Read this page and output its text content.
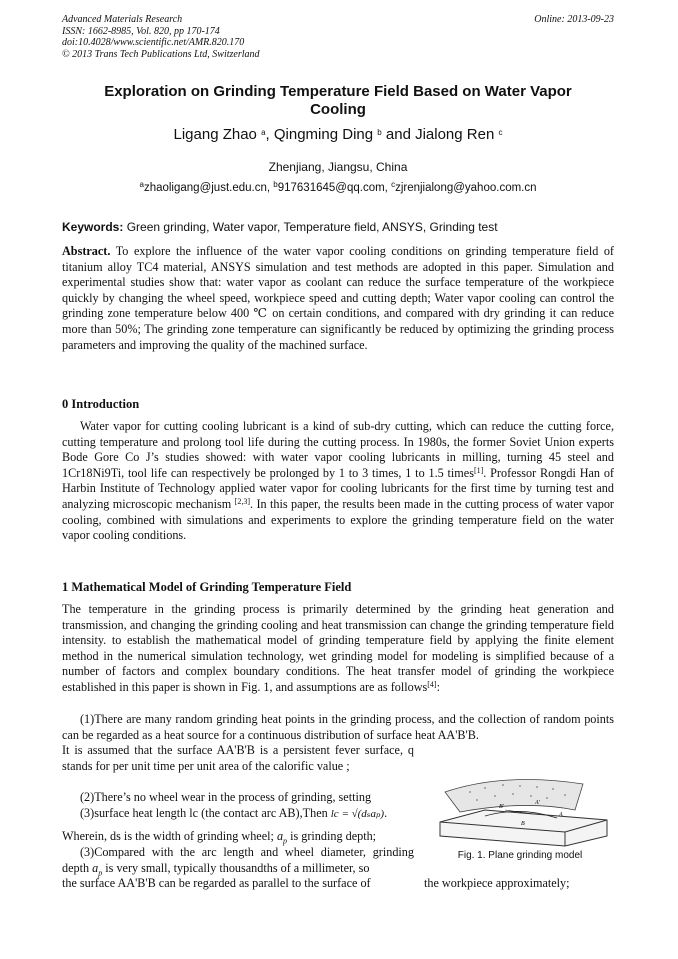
Advanced Materials Research
ISSN: 1662-8985, Vol. 820, pp 170-174
doi:10.4028/www.scientific.net/AMR.820.170
© 2013 Trans Tech Publications Ltd, Switzerland
Online: 2013-09-23
Exploration on Grinding Temperature Field Based on Water Vapor
Cooling
Ligang Zhao $^a$, Qingming Ding $^b$ and Jialong Ren $^c$
Zhenjiang, Jiangsu, China
$^a$zhaoligang@just.edu.cn, $^b$917631645@qq.com, $^c$zjrenjialong@yahoo.com.cn
Keywords: Green grinding, Water vapor, Temperature field, ANSYS, Grinding test
Abstract. To explore the influence of the water vapor cooling conditions on grinding temperature field of titanium alloy TC4 material, ANSYS simulation and test methods are adopted in this paper. Simulation and experimental studies show that: water vapor as coolant can reduce the surface temperature of the workpiece quickly by changing the wheel speed, workpiece speed and cutting depth; Water vapor cooling can control the grinding zone temperature below 400 ℃ on certain conditions, and compared with dry grinding it can reduce more than 50%; The grinding zone temperature can significantly be reduced by optimizing the grinding process parameters and improving the quality of the machined surface.
0 Introduction
Water vapor for cutting cooling lubricant is a kind of sub-dry cutting, which can reduce the cutting force, cutting temperature and prolong tool life during the cutting process. In 1980s, the former Soviet Union experts Bode Gore Co J’s studies showed: with water vapor cooling lubricants in milling, turning 45 steel and 1Cr18Ni9Ti, tool life can respectively be prolonged by 1 to 3 times, 1 to 1.5 times[1]. Professor Rongdi Han of Harbin Institute of Technology applied water vapor for cooling lubricants for the first time by turning test and analyzing microscopic mechanism [2,3]. In this paper, the results been made in the cutting process of water vapor cooling, combined with simulations and experiments to explore the grinding temperature field on the water vapor cooling conditions.
1 Mathematical Model of Grinding Temperature Field
The temperature in the grinding process is primarily determined by the grinding heat generation and transmission, and changing the grinding cooling and heat transmission can change the grinding temperature field intensity. to establish the mathematical model of grinding temperature field by applying the finite element method in the numerical simulation technology, wet grinding model for modeling is simplified because of a number of factors and complex boundary conditions. The heat transfer model of grinding the workpiece established in this paper is shown in Fig. 1, and assumptions are as follows[4]:
(1)There are many random grinding heat points in the grinding process, and the collection of random points can be regarded as a heat source for a continuous distribution of surface heat AA'B'B.
It is assumed that the surface AA'B'B is a persistent fever surface, q stands for per unit time per unit area of the calorific value ;
(2)There’s no wheel wear in the process of grinding, setting
(3)surface heat length lc (the contact arc AB),Then lc = √(dₛaₚ).
Wherein, ds is the width of grinding wheel; $a_p$ is grinding depth;
(3)Compared with the arc length and wheel diameter, grinding depth $a_p$ is very small, typically thousandths of a millimeter, so
the surface AA'B'B can be regarded as parallel to the surface of	the workpiece approximately;
B'
A'
B
A
Fig. 1. Plane grinding model
